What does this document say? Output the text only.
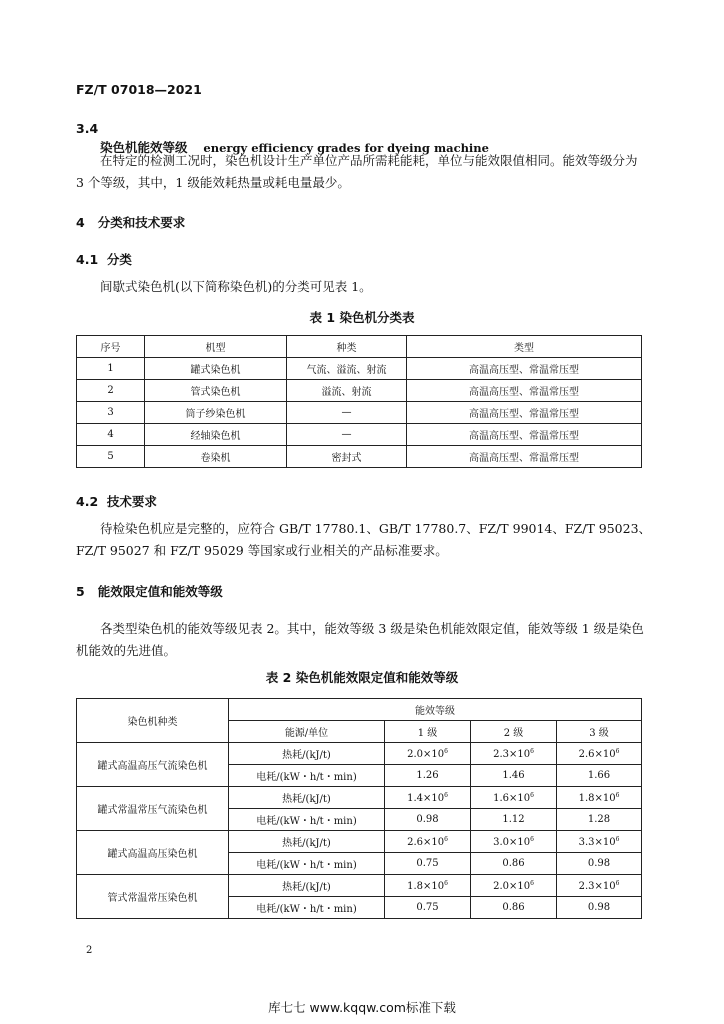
FZ/T 07018—2021
3.4
染色机能效等级 energy efficiency grades for dyeing machine
在特定的检测工况时，染色机设计生产单位产品所需耗能耗，单位与能效限值相同。能效等级分为
3 个等级，其中，1 级能效耗热量或耗电量最少。
4 分类和技术要求
4.1 分类
间歇式染色机(以下简称染色机)的分类可见表 1。
表 1 染色机分类表
序号	机型	种类	类型
1	罐式染色机	气流、溢流、射流	高温高压型、常温常压型
2	管式染色机	溢流、射流	高温高压型、常温常压型
3	筒子纱染色机	—	高温高压型、常温常压型
4	经轴染色机	—	高温高压型、常温常压型
5	卷染机	密封式	高温高压型、常温常压型
4.2 技术要求
待检染色机应是完整的，应符合 GB/T 17780.1、GB/T 17780.7、FZ/T 99014、FZ/T 95023、
FZ/T 95027 和 FZ/T 95029 等国家或行业相关的产品标准要求。
5 能效限定值和能效等级
各类型染色机的能效等级见表 2。其中，能效等级 3 级是染色机能效限定值，能效等级 1 级是染色
机能效的先进值。
表 2 染色机能效限定值和能效等级
染色机种类	能效等级			
	能源/单位	1 级	2 级	3 级
罐式高温高压气流染色机	热耗/(kJ/t)	$2.0\times 10^6$	$2.3\times 10^6$	$2.6\times 10^6$
	电耗/(kW・h/t・min)	1.26	1.46	1.66
罐式常温常压气流染色机	热耗/(kJ/t)	$1.4\times 10^6$	$1.6\times 10^6$	$1.8\times 10^6$
	电耗/(kW・h/t・min)	0.98	1.12	1.28
罐式高温高压染色机	热耗/(kJ/t)	$2.6\times 10^6$	$3.0\times 10^6$	$3.3\times 10^6$
	电耗/(kW・h/t・min)	0.75	0.86	0.98
管式常温常压染色机	热耗/(kJ/t)	$1.8\times 10^6$	$2.0\times 10^6$	$2.3\times 10^6$
	电耗/(kW・h/t・min)	0.75	0.86	0.98
2
库七七 www.kqqw.com标准下载
